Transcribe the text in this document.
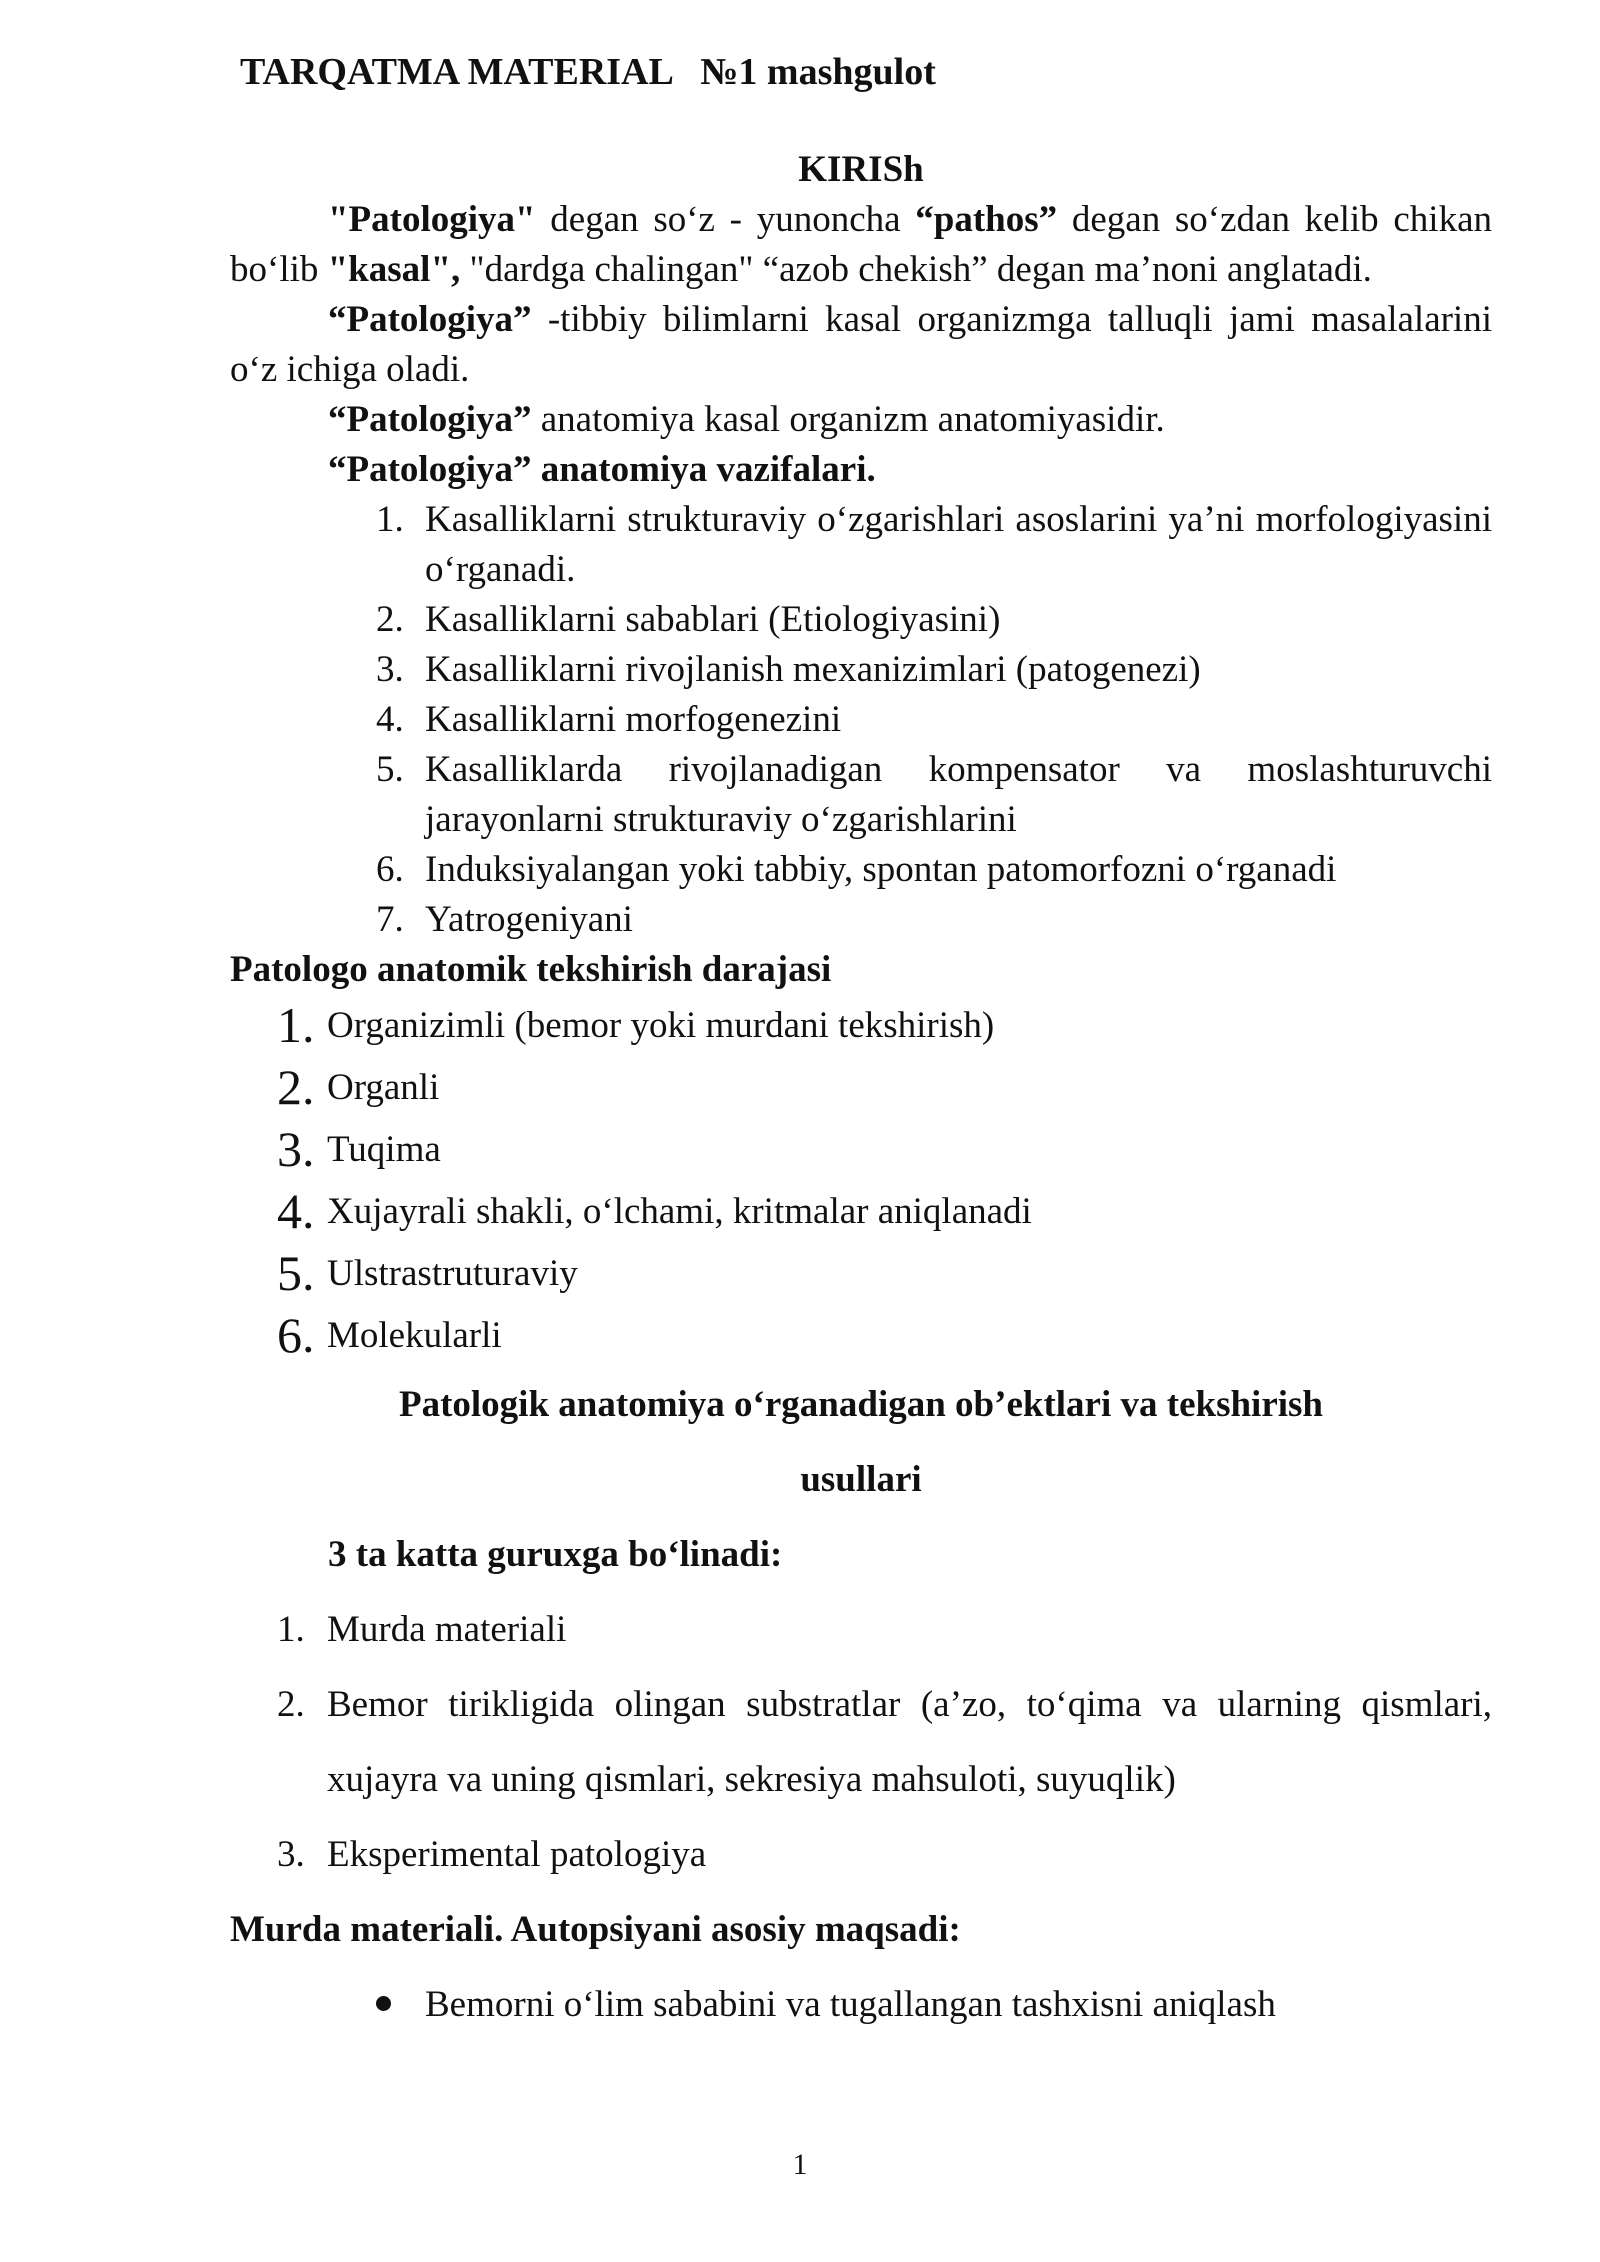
TARQATMA MATERIAL   №1 mashgulot

KIRISh

"Patologiya" degan so‘z - yunoncha “pathos” degan so‘zdan kelib chikan bo‘lib "kasal", "dardga chalingan" “azob chekish” degan ma’noni anglatadi.

“Patologiya” -tibbiy bilimlarni kasal organizmga talluqli jami masalalarini o‘z ichiga oladi.

“Patologiya” anatomiya kasal organizm anatomiyasidir.

“Patologiya” anatomiya vazifalari.

1. Kasalliklarni strukturaviy o‘zgarishlari asoslarini ya’ni morfologiyasini o‘rganadi.
2. Kasalliklarni sabablari (Etiologiyasini)
3. Kasalliklarni rivojlanish mexanizimlari (patogenezi)
4. Kasalliklarni morfogenezini
5. Kasalliklarda rivojlanadigan kompensator va moslashturuvchi jarayonlarni strukturaviy o‘zgarishlarini
6. Induksiyalangan yoki tabbiy, spontan patomorfozni o‘rganadi
7. Yatrogeniyani

Patologo anatomik tekshirish darajasi

1. Organizimli (bemor yoki murdani tekshirish)
2. Organli
3. Tuqima
4. Xujayrali shakli, o‘lchami, kritmalar aniqlanadi
5. Ulstrastruturaviy
6. Molekularli

Patologik anatomiya o‘rganadigan ob’ektlari va tekshirish
usullari

3 ta katta guruxga bo‘linadi:

1. Murda materiali
2. Bemor tirikligida olingan substratlar (a’zo, to‘qima va ularning qismlari, xujayra va uning qismlari, sekresiya mahsuloti, suyuqlik)
3. Eksperimental patologiya

Murda materiali. Autopsiyani asosiy maqsadi:

Bemorni o‘lim sababini va tugallangan tashxisni aniqlash
1
